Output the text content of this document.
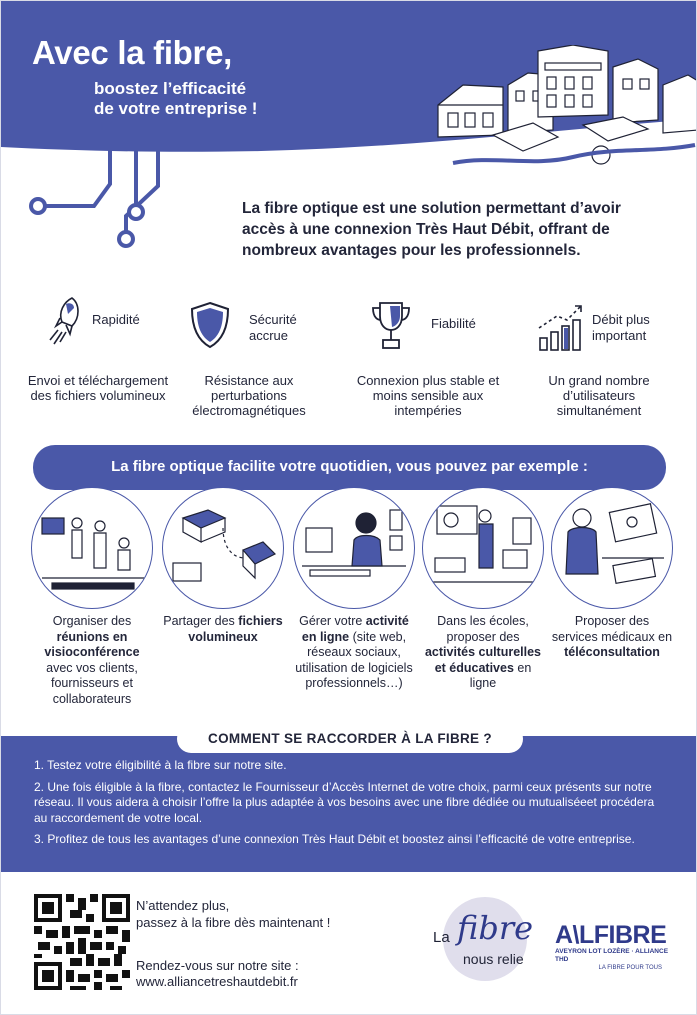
Avec la fibre,
boostez l’efficacité
de votre entreprise !
La fibre optique est une solution permettant d’avoir accès à une connexion Très Haut Débit, offrant de nombreux avantages pour les professionnels.
Rapidité
Envoi et téléchargement des fichiers volumineux
Sécurité accrue
Résistance aux perturbations électromagnétiques
Fiabilité
Connexion plus stable et moins sensible aux intempéries
Débit plus important
Un grand nombre d’utilisateurs simultanément
La fibre optique facilite votre quotidien, vous pouvez par exemple :
Organiser des réunions en visioconférence avec vos clients, fournisseurs et collaborateurs
Partager des fichiers volumineux
Gérer votre activité en ligne (site web, réseaux sociaux, utilisation de logiciels professionnels…)
Dans les écoles, proposer des activités culturelles et éducatives en ligne
Proposer des services médicaux en téléconsultation

1. Testez votre éligibilité à la fibre sur notre site.

2. Une fois éligible à la fibre, contactez le Fournisseur d’Accès Internet de votre choix, parmi ceux présents sur notre réseau. Il vous aidera à choisir l’offre la plus adaptée à vos besoins avec une fibre dédiée ou mutualiséeet procédera au raccordement de votre local.

3. Profitez de tous les avantages d’une connexion Très Haut Débit et boostez ainsi l’efficacité de votre entreprise.

COMMENT SE RACCORDER À LA FIBRE ?
N’attendez plus,
passez à la fibre dès maintenant !
Rendez-vous sur notre site :
www.alliancetreshautdebit.fr
La fibre
nous relie
A\LFIBRE
AVEYRON LOT LOZÈRE · ALLIANCE THD
LA FIBRE POUR TOUS
